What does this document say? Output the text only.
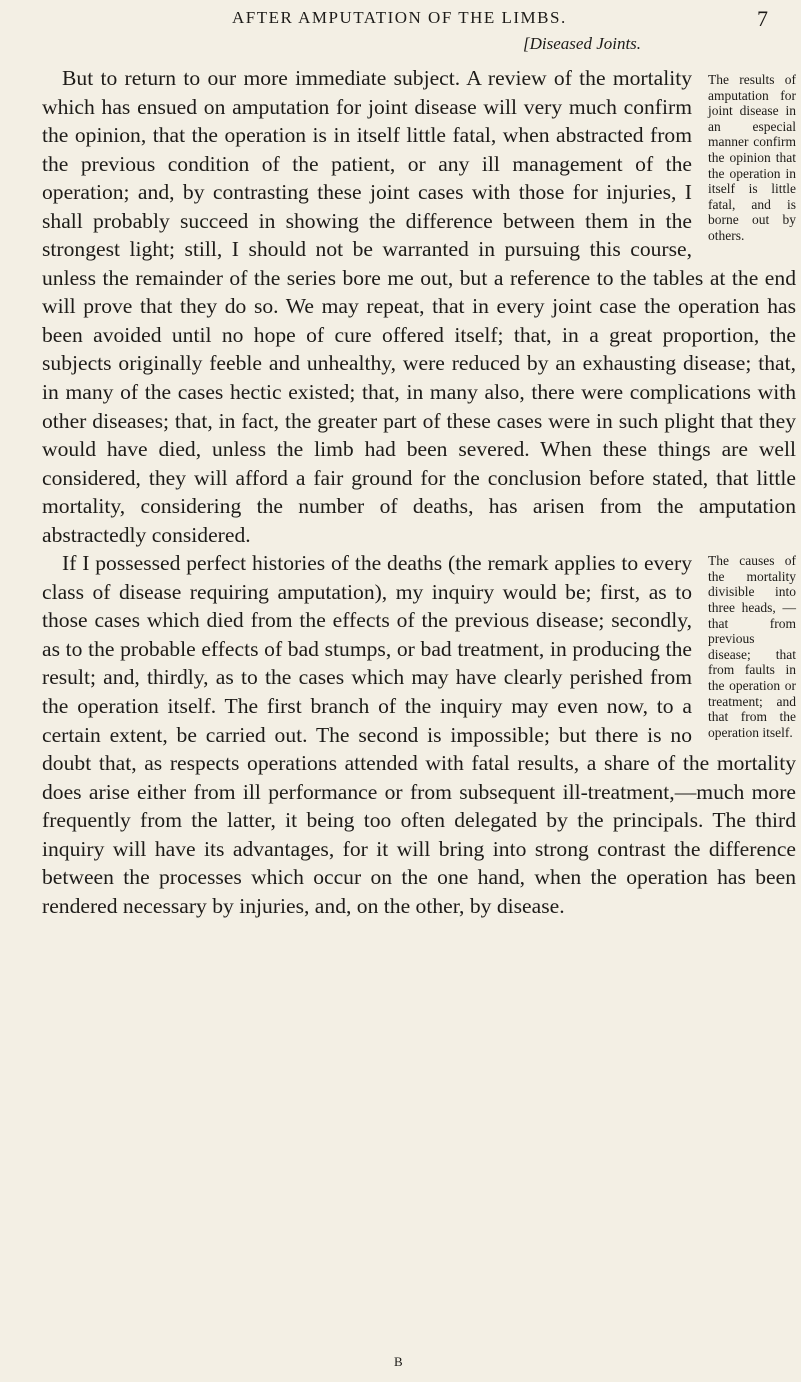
AFTER AMPUTATION OF THE LIMBS.	7
[Diseased Joints.

The results of amputation for joint disease in an especial manner confirm the opinion that the operation in itself is little fatal, and is borne out by others.
But to return to our more immediate subject. A review of the mortality which has ensued on amputation for joint disease will very much confirm the opinion, that the operation is in itself little fatal, when abstracted from the previous condition of the patient, or any ill management of the operation; and, by contrasting these joint cases with those for injuries, I shall probably succeed in showing the difference between them in the strongest light; still, I should not be warranted in pursuing this course, unless the remainder of the series bore me out, but a reference to the tables at the end will prove that they do so. We may repeat, that in every joint case the operation has been avoided until no hope of cure offered itself; that, in a great proportion, the subjects originally feeble and unhealthy, were reduced by an exhausting disease; that, in many of the cases hectic existed; that, in many also, there were complications with other diseases; that, in fact, the greater part of these cases were in such plight that they would have died, unless the limb had been severed. When these things are well considered, they will afford a fair ground for the conclusion before stated, that little mortality, considering the number of deaths, has arisen from the amputation abstractedly considered.

The causes of the mortality divisible into three heads, —that from previous disease; that from faults in the operation or treatment; and that from the operation itself.
If I possessed perfect histories of the deaths (the remark applies to every class of disease requiring amputation), my inquiry would be; first, as to those cases which died from the effects of the previous disease; secondly, as to the probable effects of bad stumps, or bad treatment, in producing the result; and, thirdly, as to the cases which may have clearly perished from the operation itself. The first branch of the inquiry may even now, to a certain extent, be carried out. The second is impossible; but there is no doubt that, as respects operations attended with fatal results, a share of the mortality does arise either from ill performance or from subsequent ill-treatment,—much more frequently from the latter, it being too often delegated by the principals. The third inquiry will have its advantages, for it will bring into strong contrast the difference between the processes which occur on the one hand, when the operation has been rendered necessary by injuries, and, on the other, by disease.

B
